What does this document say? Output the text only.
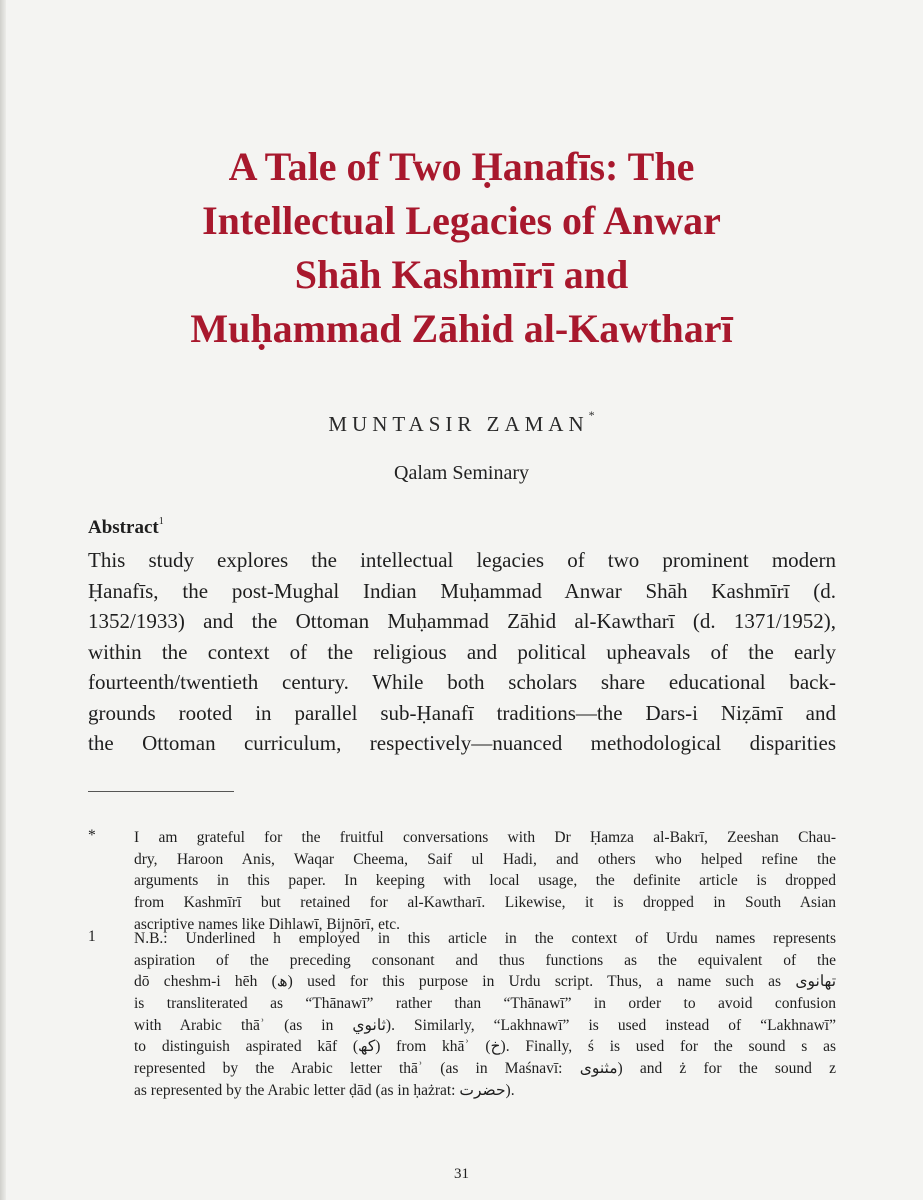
A Tale of Two Ḥanafīs: The
Intellectual Legacies of Anwar
Shāh Kashmīrī and
Muḥammad Zāhid al-Kawtharī
MUNTASIR ZAMAN*
Qalam Seminary
Abstract$^1$
This study explores the intellectual legacies of two prominent modern
Ḥanafīs, the post-Mughal Indian Muḥammad Anwar Shāh Kashmīrī (d.
1352/1933) and the Ottoman Muḥammad Zāhid al-Kawtharī (d. 1371/1952),
within the context of the religious and political upheavals of the early
fourteenth/twentieth century. While both scholars share educational back-
grounds rooted in parallel sub-Ḥanafī traditions—the Dars-i Niẓāmī and
the Ottoman curriculum, respectively—nuanced methodological disparities
* I am grateful for the fruitful conversations with Dr Ḥamza al-Bakrī, Zeeshan Chau-
dry, Haroon Anis, Waqar Cheema, Saif ul Hadi, and others who helped refine the
arguments in this paper. In keeping with local usage, the definite article is dropped
from Kashmīrī but retained for al-Kawtharī. Likewise, it is dropped in South Asian
ascriptive names like Dihlawī, Bijnōrī, etc.
1 N.B.: Underlined h employed in this article in the context of Urdu names represents
aspiration of the preceding consonant and thus functions as the equivalent of the
dō cheshm-i hēh (ھ) used for this purpose in Urdu script. Thus, a name such as تھانوی
is transliterated as “Thānawī” rather than “Thānawī” in order to avoid confusion
with Arabic thāʾ (as in ثانوي). Similarly, “Lakhnawī” is used instead of “Lakhnawī”
to distinguish aspirated kāf (کھ) from khāʾ (خ). Finally, ś is used for the sound s as
represented by the Arabic letter thāʾ (as in Maśnavī: مثنوی) and ż for the sound z
as represented by the Arabic letter ḍād (as in ḥażrat: حضرت).
31
